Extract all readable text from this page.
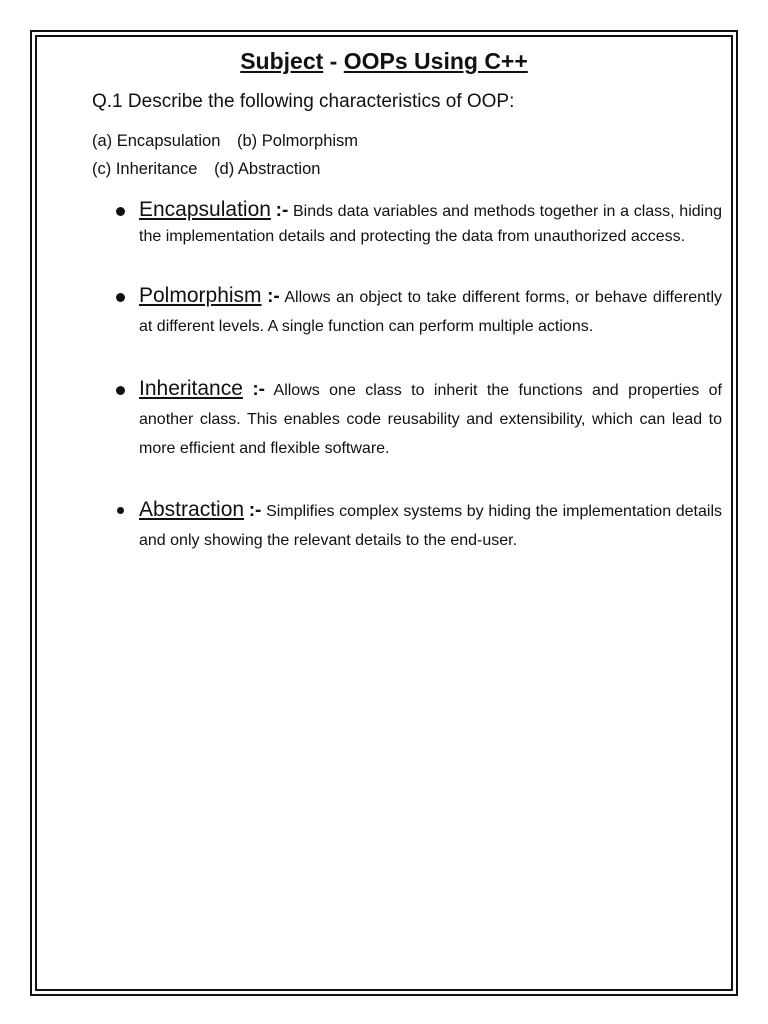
Subject - OOPs Using C++
Q.1 Describe the following characteristics of OOP:
(a) Encapsulation (b) Polmorphism
(c) Inheritance (d) Abstraction
Encapsulation :- Binds data variables and methods together in a class, hiding the implementation details and protecting the data from unauthorized access.
Polmorphism :- Allows an object to take different forms, or behave differently at different levels. A single function can perform multiple actions.
Inheritance :- Allows one class to inherit the functions and properties of another class. This enables code reusability and extensibility, which can lead to more efficient and flexible software.
Abstraction :- Simplifies complex systems by hiding the implementation details and only showing the relevant details to the end-user.
